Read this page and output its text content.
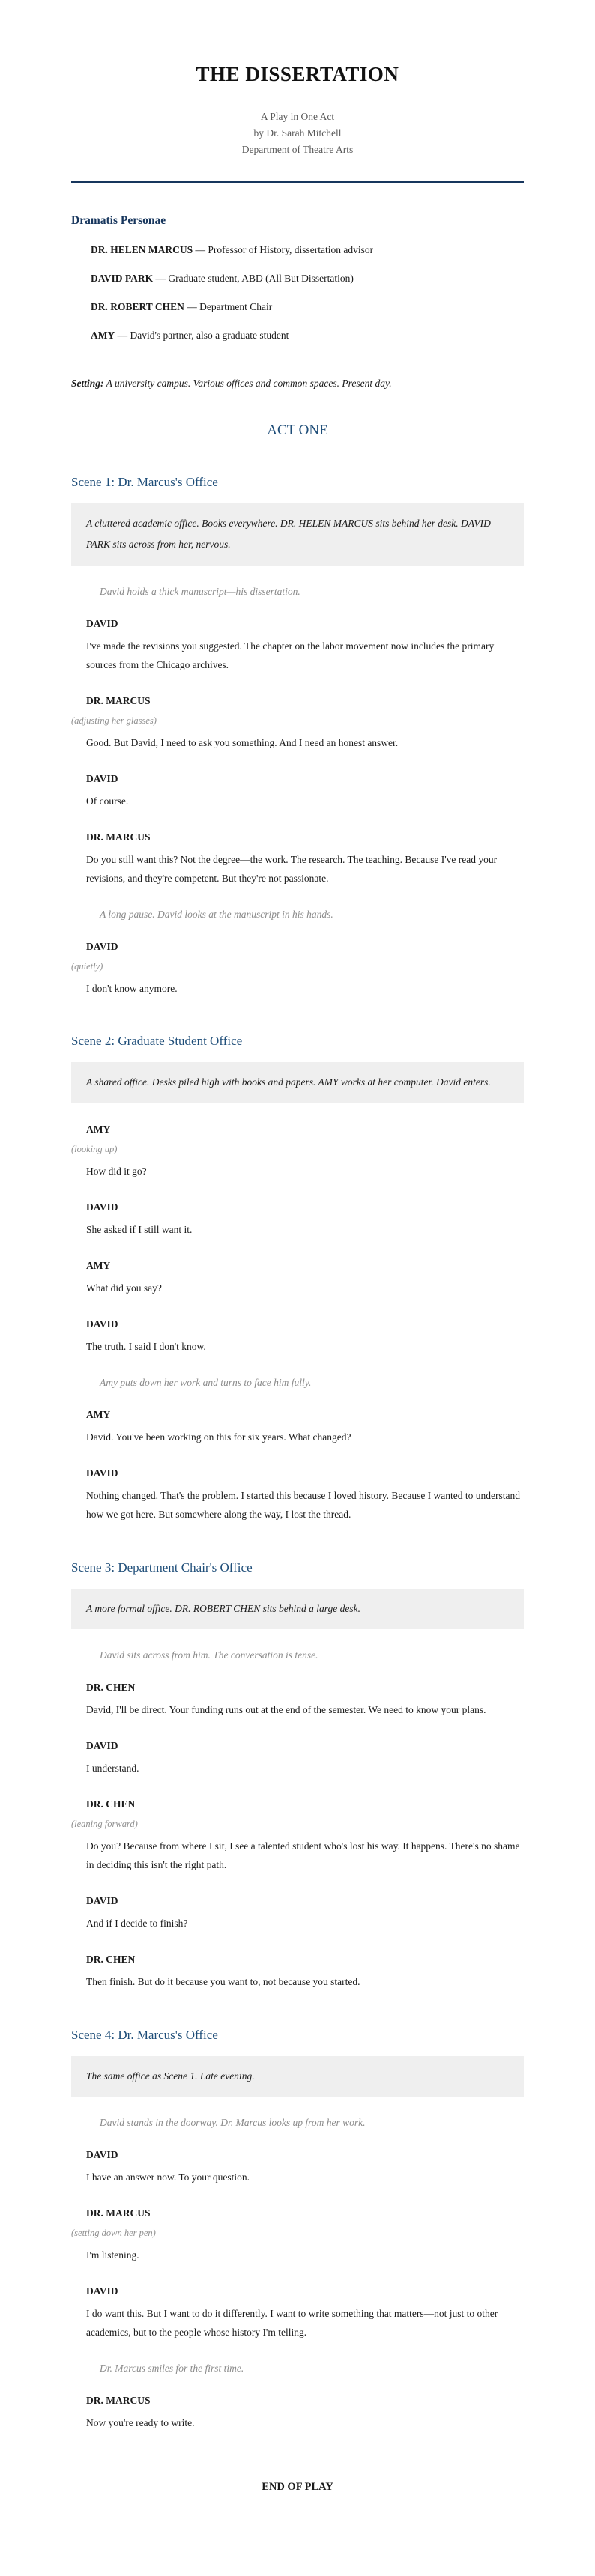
THE DISSERTATION

A Play in One Act

by Dr. Sarah Mitchell

Department of Theatre Arts

Dramatis Personae
DR. HELEN MARCUS — Professor of History, dissertation advisor
DAVID PARK — Graduate student, ABD (All But Dissertation)
DR. ROBERT CHEN — Department Chair
AMY — David's partner, also a graduate student

Setting: A university campus. Various offices and common spaces. Present day.

ACT ONE
Scene 1: Dr. Marcus's Office

A cluttered academic office. Books everywhere. DR. HELEN MARCUS sits behind her desk. DAVID PARK sits across from her, nervous.

David holds a thick manuscript—his dissertation.

DAVID

I've made the revisions you suggested. The chapter on the labor movement now includes the primary sources from the Chicago archives.

DR. MARCUS

(adjusting her glasses)

Good. But David, I need to ask you something. And I need an honest answer.

DAVID

Of course.

DR. MARCUS

Do you still want this? Not the degree—the work. The research. The teaching. Because I've read your revisions, and they're competent. But they're not passionate.

A long pause. David looks at the manuscript in his hands.

DAVID

(quietly)

I don't know anymore.

Scene 2: Graduate Student Office

A shared office. Desks piled high with books and papers. AMY works at her computer. David enters.

AMY

(looking up)

How did it go?

DAVID

She asked if I still want it.

AMY

What did you say?

DAVID

The truth. I said I don't know.

Amy puts down her work and turns to face him fully.

AMY

David. You've been working on this for six years. What changed?

DAVID

Nothing changed. That's the problem. I started this because I loved history. Because I wanted to understand how we got here. But somewhere along the way, I lost the thread.

Scene 3: Department Chair's Office

A more formal office. DR. ROBERT CHEN sits behind a large desk.

David sits across from him. The conversation is tense.

DR. CHEN

David, I'll be direct. Your funding runs out at the end of the semester. We need to know your plans.

DAVID

I understand.

DR. CHEN

(leaning forward)

Do you? Because from where I sit, I see a talented student who's lost his way. It happens. There's no shame in deciding this isn't the right path.

DAVID

And if I decide to finish?

DR. CHEN

Then finish. But do it because you want to, not because you started.

Scene 4: Dr. Marcus's Office

The same office as Scene 1. Late evening.

David stands in the doorway. Dr. Marcus looks up from her work.

DAVID

I have an answer now. To your question.

DR. MARCUS

(setting down her pen)

I'm listening.

DAVID

I do want this. But I want to do it differently. I want to write something that matters—not just to other academics, but to the people whose history I'm telling.

Dr. Marcus smiles for the first time.

DR. MARCUS

Now you're ready to write.

END OF PLAY
